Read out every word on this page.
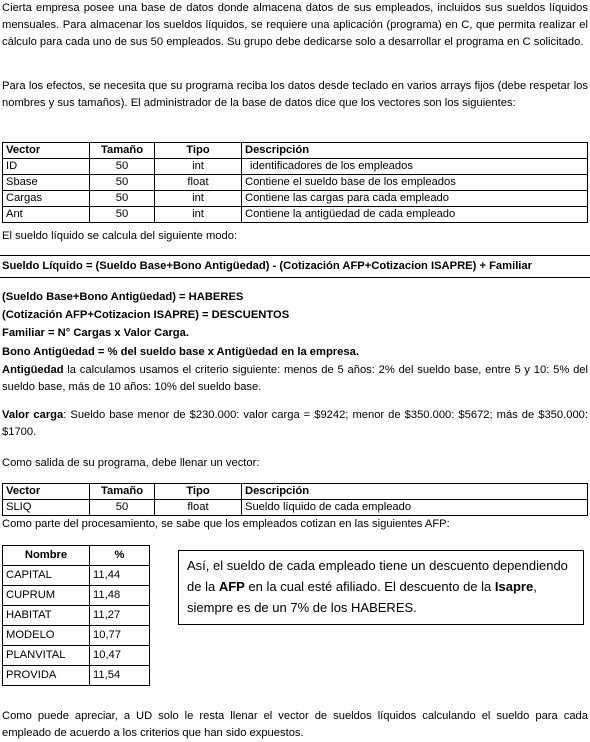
Cierta empresa posee una base de datos donde almacena datos de sus empleados, incluidos sus sueldos líquidos mensuales. Para almacenar los sueldos líquidos, se requiere una aplicación (programa) en C, que permita realizar el cálculo para cada uno de sus 50 empleados. Su grupo debe dedicarse solo a desarrollar el programa en C solicitado.
Para los efectos, se necesita que su programa reciba los datos desde teclado en varios arrays fijos (debe respetar los nombres y sus tamaños). El administrador de la base de datos dice que los vectores son los siguientes:
Vector	Tamaño	Tipo	Descripción
ID	50	int	identificadores de los empleados
Sbase	50	float	Contiene el sueldo base de los empleados
Cargas	50	int	Contiene las cargas para cada empleado
Ant	50	int	Contiene la antigüedad de cada empleado
El sueldo líquido se calcula del siguiente modo:
Sueldo Líquido = (Sueldo Base+Bono Antigüedad) - (Cotización AFP+Cotizacion ISAPRE) + Familiar
(Sueldo Base+Bono Antigüedad) = HABERES
(Cotización AFP+Cotizacion ISAPRE) = DESCUENTOS
Familiar = N° Cargas x Valor Carga.
Bono Antigüedad = % del sueldo base x Antigüedad en la empresa.
Antigüedad la calculamos usamos el criterio siguiente: menos de 5 años: 2% del sueldo base, entre 5 y 10: 5% del sueldo base, más de 10 años: 10% del sueldo base.
Valor carga: Sueldo base menor de $230.000: valor carga = $9242; menor de $350.000: $5672; más de $350.000: $1700.
Como salida de su programa, debe llenar un vector:
Vector	Tamaño	Tipo	Descripción
SLIQ	50	float	Sueldo líquido de cada empleado
Como parte del procesamiento, se sabe que los empleados cotizan en las siguientes AFP:
Nombre	%
CAPITAL	11,44
CUPRUM	11,48
HABITAT	11,27
MODELO	10,77
PLANVITAL	10,47
PROVIDA	11,54
Así, el sueldo de cada empleado tiene un descuento dependiendo de la AFP en la cual esté afiliado. El descuento de la Isapre, siempre es de un 7% de los HABERES.
Como puede apreciar, a UD solo le resta llenar el vector de sueldos líquidos calculando el sueldo para cada empleado de acuerdo a los criterios que han sido expuestos.
